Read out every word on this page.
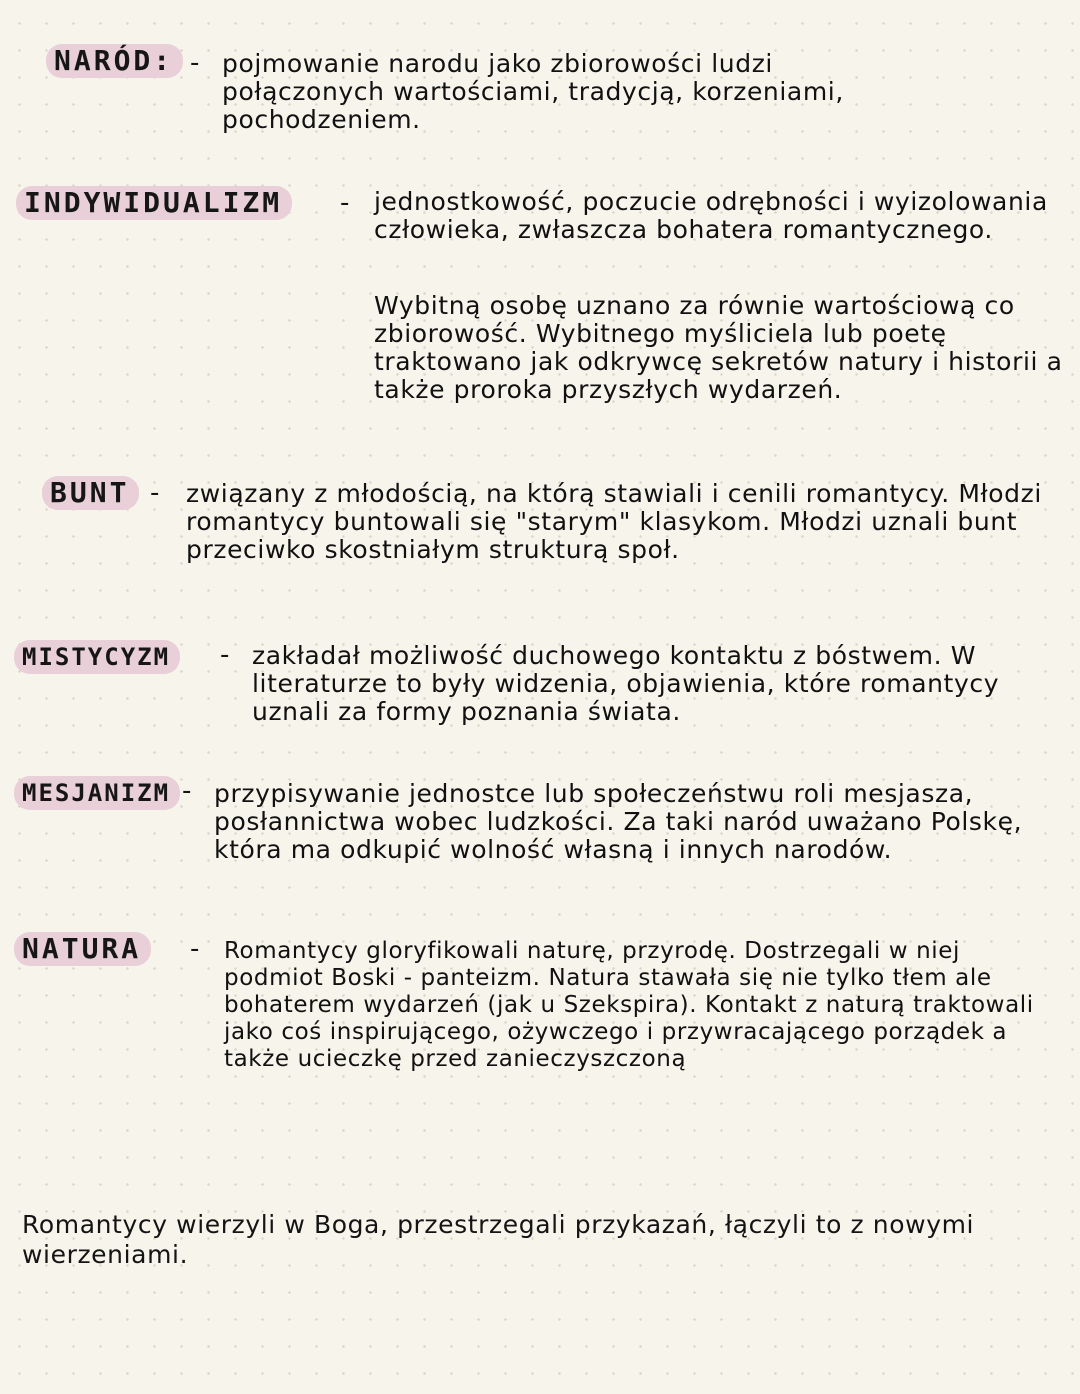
NARÓD: - pojmowanie narodu jako zbiorowości ludzi połączonych wartościami, tradycją, korzeniami, pochodzeniem.

INDYWIDUALIZM	- jednostkowość, poczucie odrębności i wyizolowania człowieka, zwłaszcza bohatera romantycznego.

Wybitną osobę uznano za równie wartościową co zbiorowość. Wybitnego myśliciela lub poetę traktowano jak odkrywcę sekretów natury i historii a także proroka przyszłych wydarzeń.

BUNT - związany z młodością, na którą stawiali i cenili romantycy. Młodzi romantycy buntowali się "starym" klasykom. Młodzi uznali bunt przeciwko skostniałym strukturą społ.

MISTYCYZM	- zakładał możliwość duchowego kontaktu z bóstwem. W literaturze to były widzenia, objawienia, które romantycy uznali za formy poznania świata.

MESJANIZM - przypisywanie jednostce lub społeczeństwu roli mesjasza, posłannictwa wobec ludzkości. Za taki naród uważano Polskę, która ma odkupić wolność własną i innych narodów.

NATURA	- Romantycy gloryfikowali naturę, przyrodę. Dostrzegali w niej podmiot Boski - panteizm. Natura stawała się nie tylko tłem ale bohaterem wydarzeń (jak u Szekspira). Kontakt z naturą traktowali jako coś inspirującego, ożywczego i przywracającego porządek a także ucieczkę przed zanieczyszczoną

Romantycy wierzyli w Boga, przestrzegali przykazań, łączyli to z nowymi wierzeniami.
